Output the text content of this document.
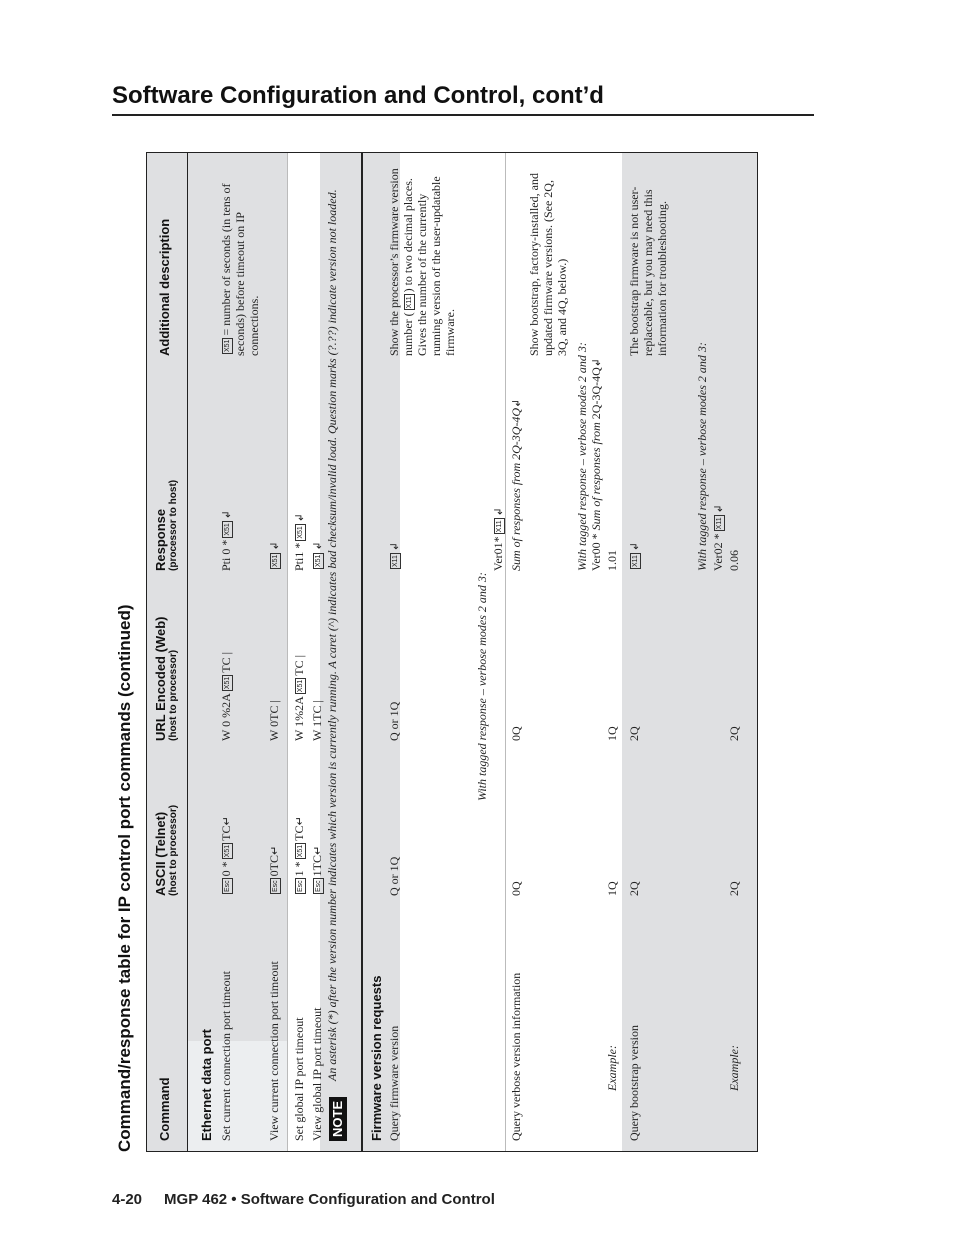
Software Configuration and Control, cont’d
Command/response table for IP control port commands (continued)	Command
ASCII (Telnet) (host to processor)
URL Encoded (Web) (host to processor)
Response (processor to host)
Additional description
Ethernet data port Set current connection port timeout
Esc0 *X51TC↵
W 0 %2AX51TC |
Pti 0 *X51↲
X51= number of seconds (in tens of seconds) before timeout on IP connections.
View current connection port timeout
Esc0TC↵
W 0TC |
X51↲
Set global IP port timeout
Esc1 *X51TC↵
W 1%2AX51TC |
Pti1 *X51↲
View global IP port timeout
Esc1TC↵
W 1TC |
X51↲
NOTE
An asterisk (*) after the version number indicates which version is currently running. A caret (^) indicates bad checksum/invalid load. Question marks (?.??) indicate version not loaded. Firmware version requests Query firmware version
Q or 1Q
Q or 1Q
X11↲
Show the processor’s firmware version number (X11) to two decimal places. Gives the number of the currently running version of the user-updatable firmware.
With tagged response – verbose modes 2 and 3:
Ver01*X11↲
Query verbose version information
0Q
0Q
Sum of responses from 2Q-3Q-4Q↲
Show bootstrap, factory-installed, and updated firmware versions. (See 2Q, 3Q, and 4Q, below.)
With tagged response – verbose modes 2 and 3: Ver00 * Sum of responses from 2Q-3Q-4Q↲
Example:
1Q
1Q
1.01
Query bootstrap version
2Q
2Q
X11↲
The bootstrap firmware is not user-replaceable, but you may need this information for troubleshooting.
With tagged response – verbose modes 2 and 3: Ver02 *X11↲
Example:
2Q
2Q
0.06
4-20 MGP 462 • Software Configuration and Control
